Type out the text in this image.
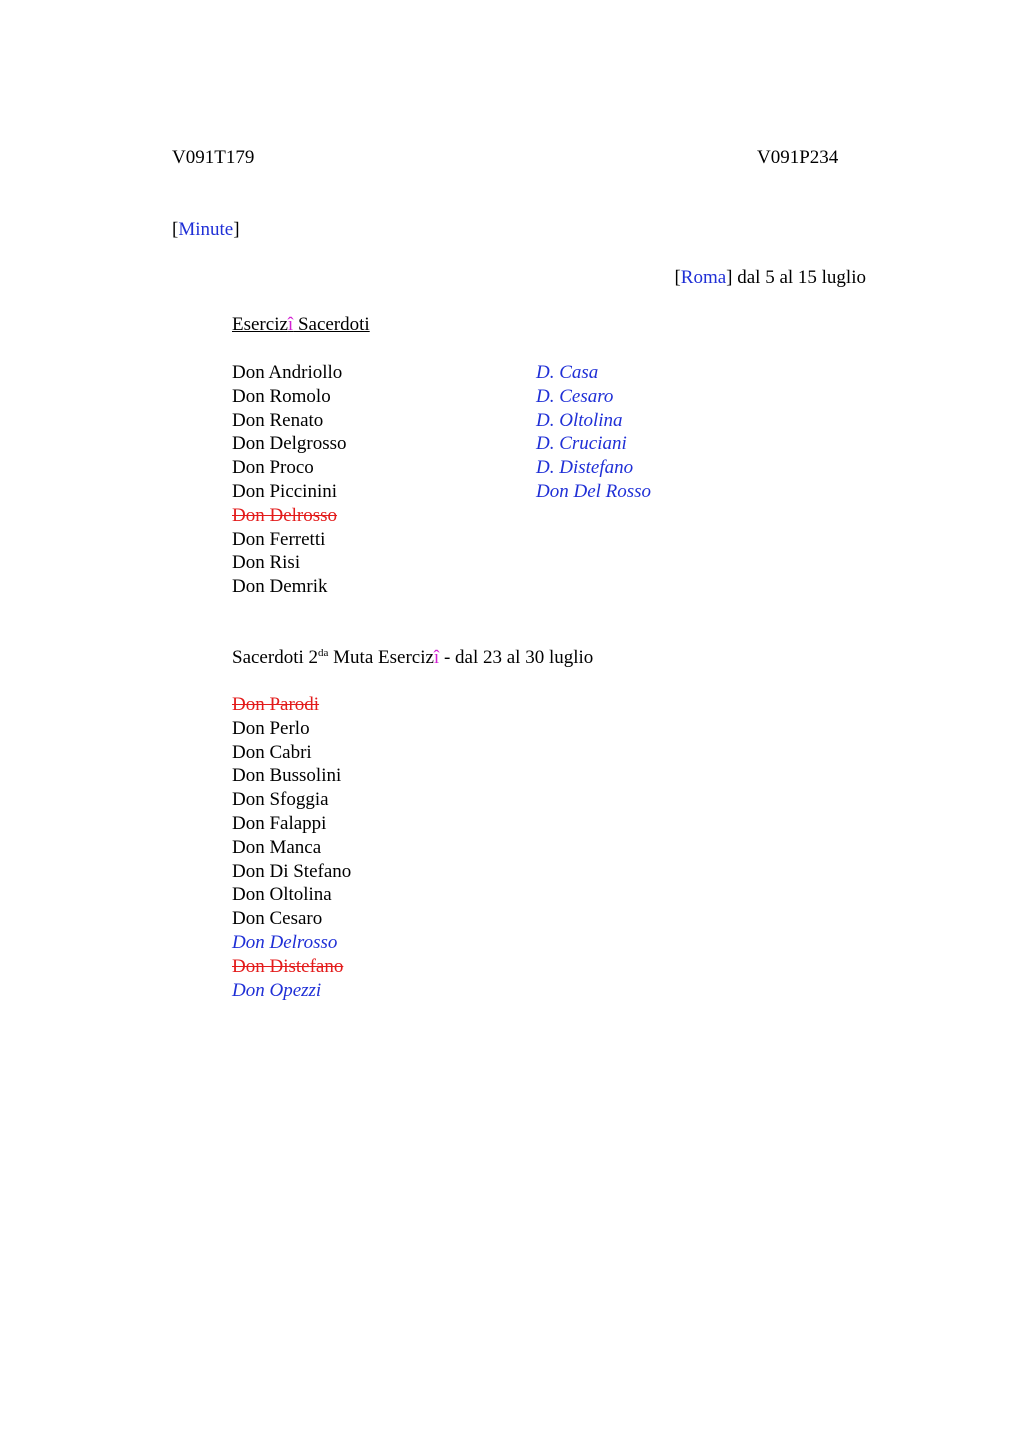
V091T179	V091P234
[Minute]
[Roma] dal 5 al 15 luglio
Esercizî Sacerdoti
Don Andriollo
Don Romolo
Don Renato
Don Delgrosso
Don Proco
Don Piccinini
Don Delrosso
Don Ferretti
Don Risi
Don Demrik
D. Casa
D. Cesaro
D. Oltolina
D. Cruciani
D. Distefano
Don Del Rosso
Sacerdoti $2^{da}$ Muta Esercizî - dal 23 al 30 luglio
Don Parodi
Don Perlo
Don Cabri
Don Bussolini
Don Sfoggia
Don Falappi
Don Manca
Don Di Stefano
Don Oltolina
Don Cesaro
Don Delrosso
Don Distefano
Don Opezzi
